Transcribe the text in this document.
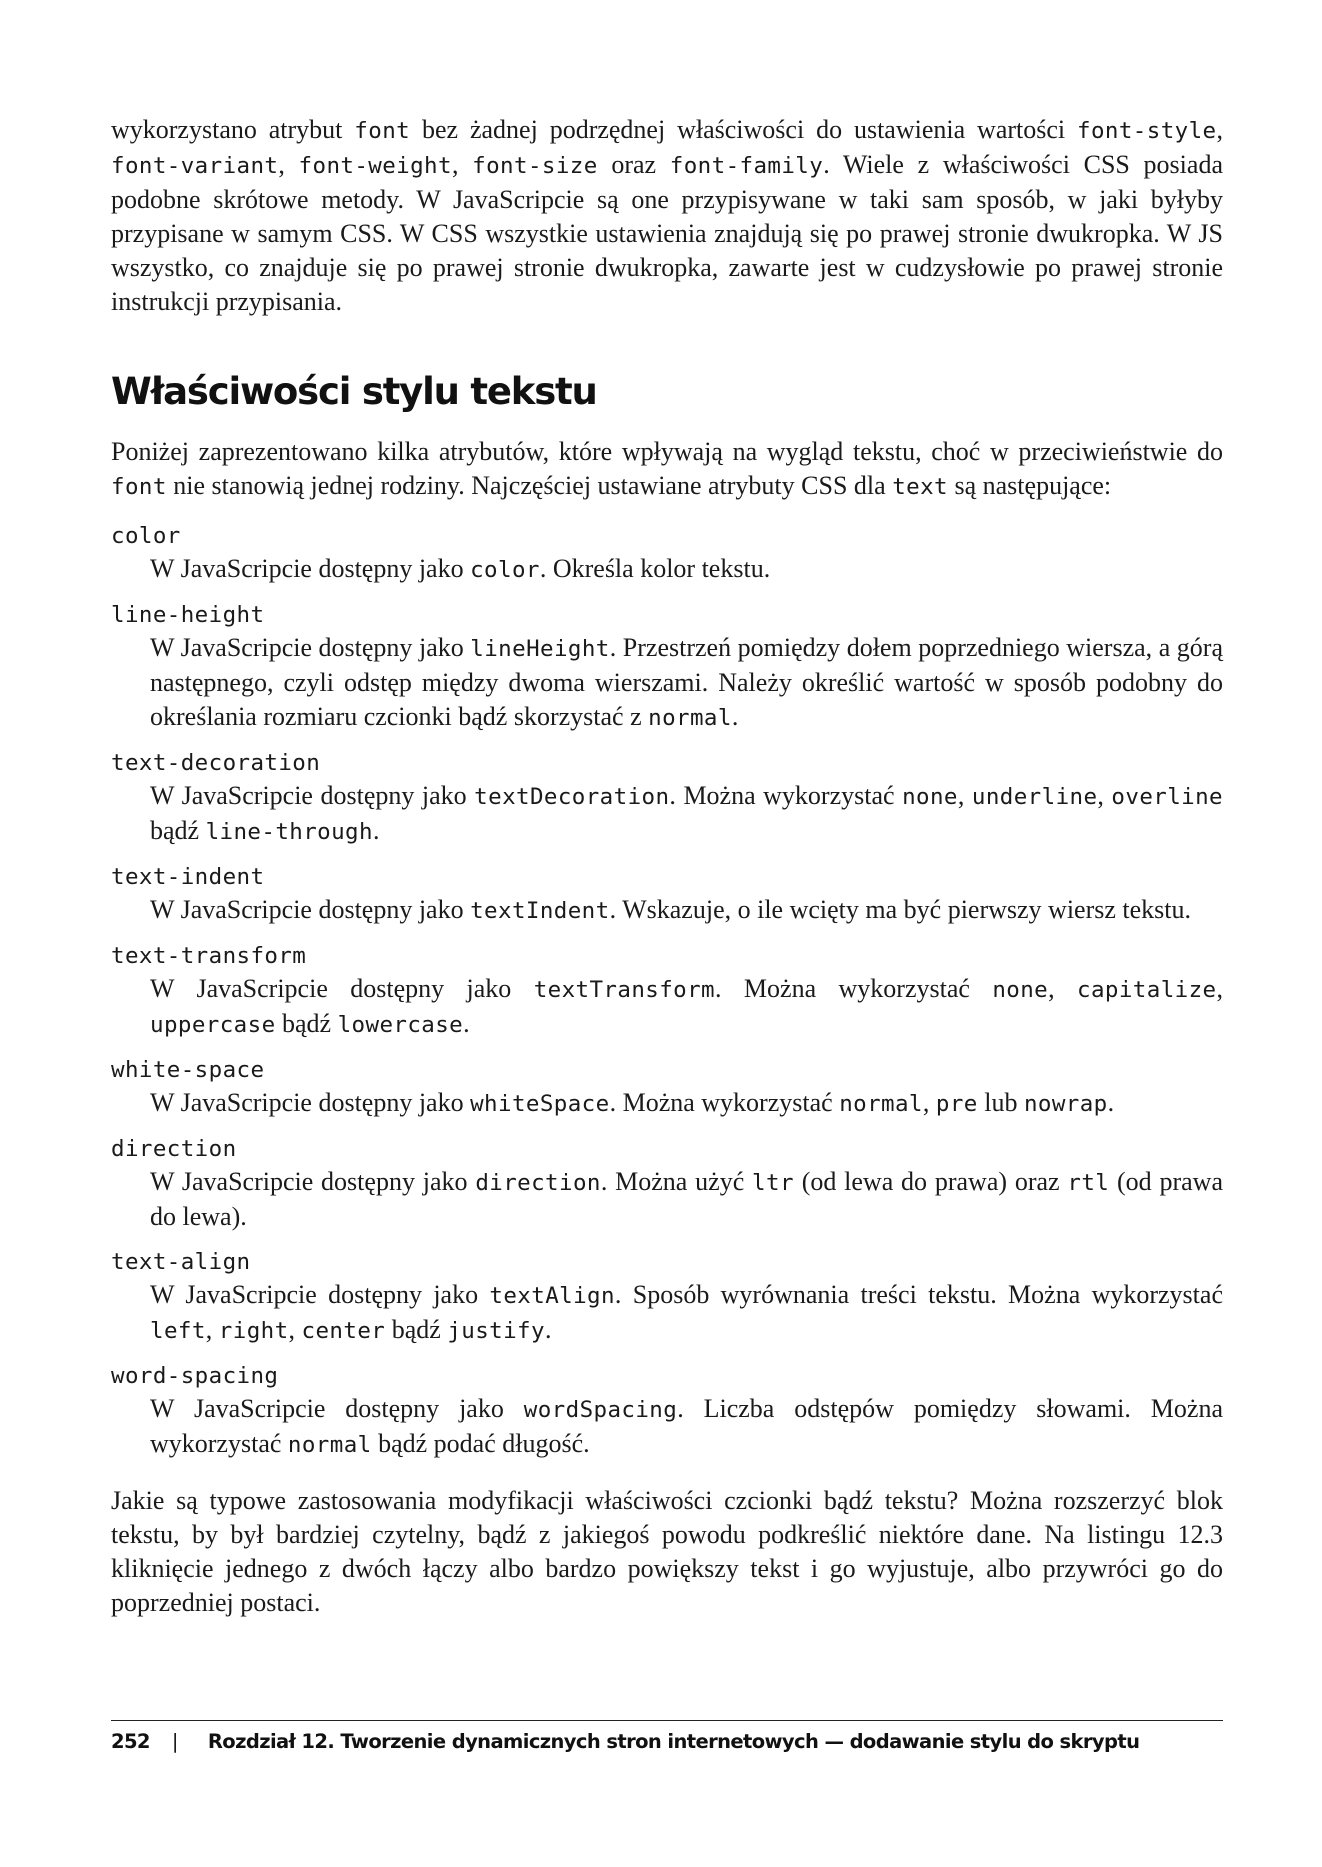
wykorzystano atrybut font bez żadnej podrzędnej właściwości do ustawienia wartości font-style, font-variant, font-weight, font-size oraz font-family. Wiele z właściwości CSS posiada podobne skrótowe metody. W JavaScripcie są one przypisywane w taki sam sposób, w jaki byłyby przypisane w samym CSS. W CSS wszystkie ustawienia znajdują się po prawej stronie dwukropka. W JS wszystko, co znajduje się po prawej stronie dwukropka, zawarte jest w cudzysłowie po prawej stronie instrukcji przypisania.

Właściwości stylu tekstu

Poniżej zaprezentowano kilka atrybutów, które wpływają na wygląd tekstu, choć w przeciwieństwie do font nie stanowią jednej rodziny. Najczęściej ustawiane atrybuty CSS dla text są następujące:

color

W JavaScripcie dostępny jako color. Określa kolor tekstu.

line-height

W JavaScripcie dostępny jako lineHeight. Przestrzeń pomiędzy dołem poprzedniego wiersza, a górą następnego, czyli odstęp między dwoma wierszami. Należy określić wartość w sposób podobny do określania rozmiaru czcionki bądź skorzystać z normal.

text-decoration

W JavaScripcie dostępny jako textDecoration. Można wykorzystać none, underline, overline bądź line-through.

text-indent

W JavaScripcie dostępny jako textIndent. Wskazuje, o ile wcięty ma być pierwszy wiersz tekstu.

text-transform

W JavaScripcie dostępny jako textTransform. Można wykorzystać none, capitalize, uppercase bądź lowercase.

white-space

W JavaScripcie dostępny jako whiteSpace. Można wykorzystać normal, pre lub nowrap.

direction

W JavaScripcie dostępny jako direction. Można użyć ltr (od lewa do prawa) oraz rtl (od prawa do lewa).

text-align

W JavaScripcie dostępny jako textAlign. Sposób wyrównania treści tekstu. Można wykorzystać left, right, center bądź justify.

word-spacing

W JavaScripcie dostępny jako wordSpacing. Liczba odstępów pomiędzy słowami. Można wykorzystać normal bądź podać długość.

Jakie są typowe zastosowania modyfikacji właściwości czcionki bądź tekstu? Można rozszerzyć blok tekstu, by był bardziej czytelny, bądź z jakiegoś powodu podkreślić niektóre dane. Na listingu 12.3 kliknięcie jednego z dwóch łączy albo bardzo powiększy tekst i go wyjustuje, albo przywróci go do poprzedniej postaci.

252 | Rozdział 12. Tworzenie dynamicznych stron internetowych — dodawanie stylu do skryptu
